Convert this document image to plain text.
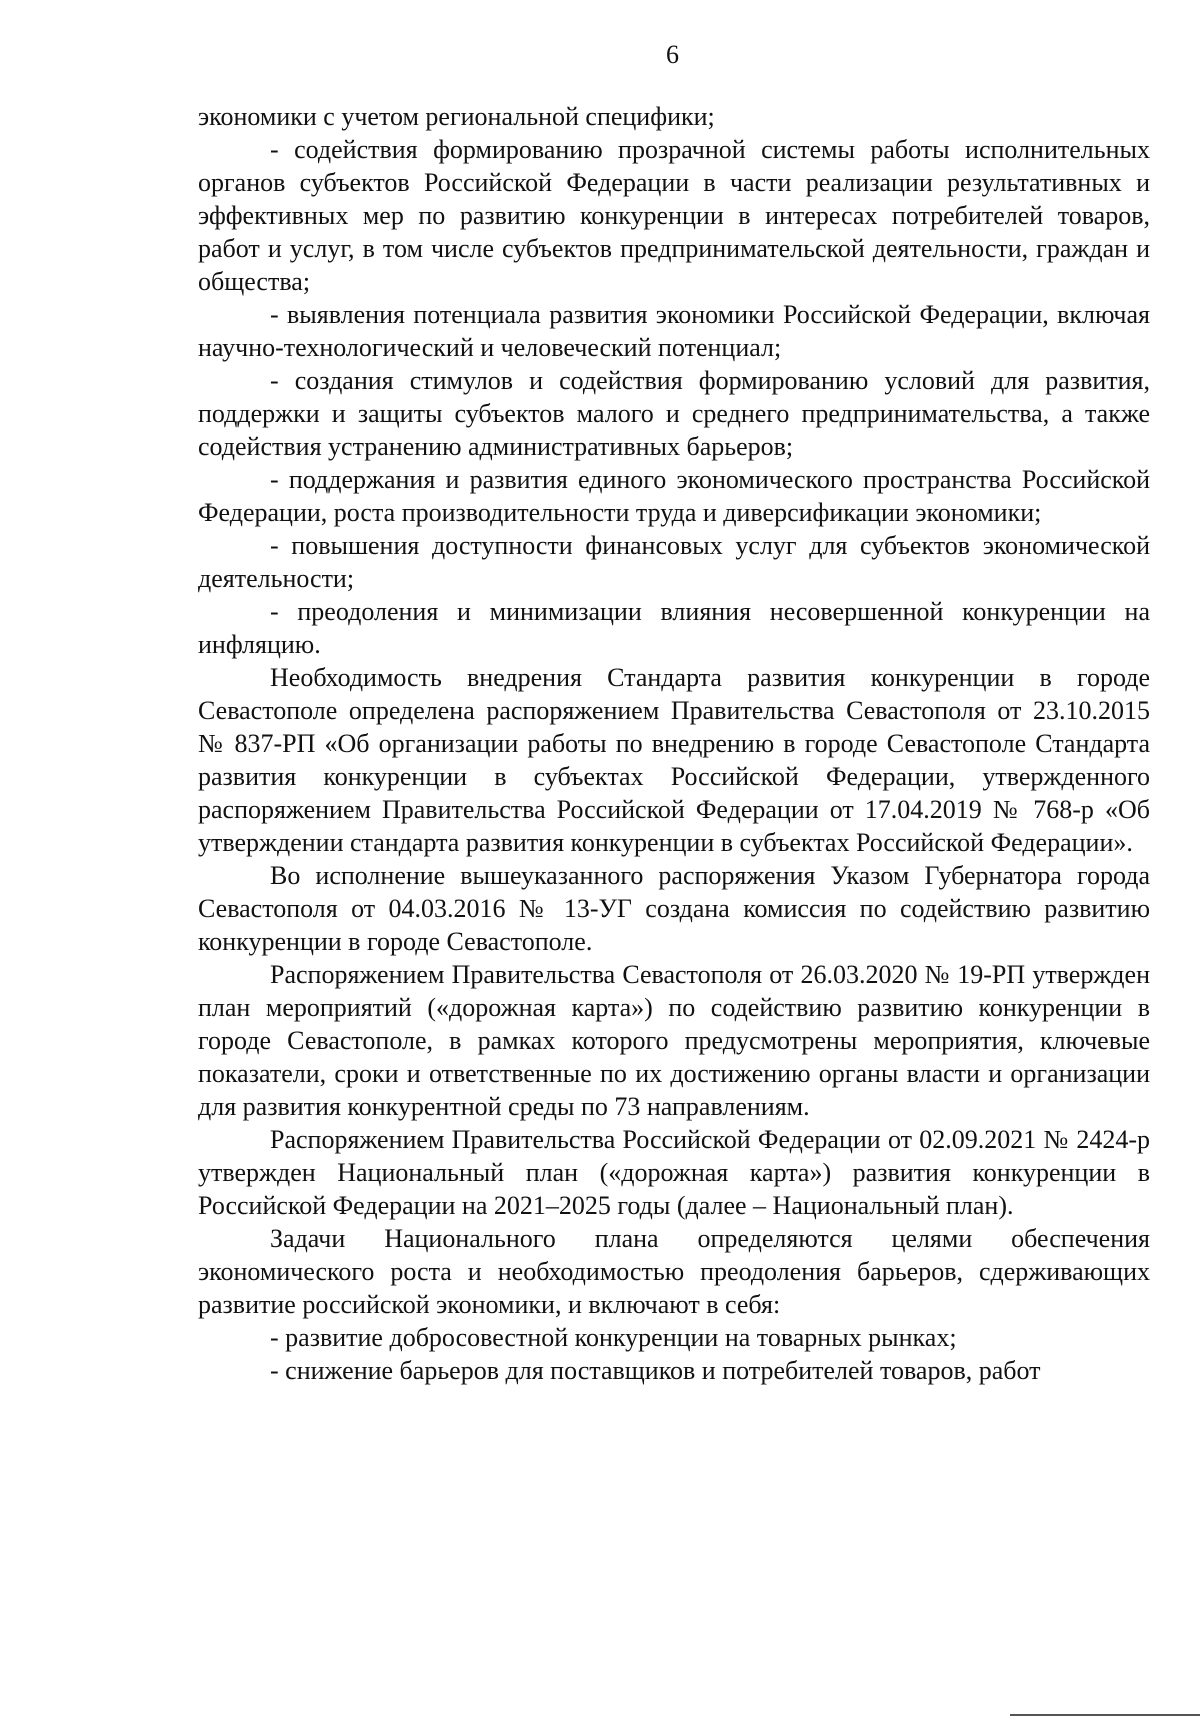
6

экономики с учетом региональной специфики;

- содействия формированию прозрачной системы работы исполнительных органов субъектов Российской Федерации в части реализации результативных и эффективных мер по развитию конкуренции в интересах потребителей товаров, работ и услуг, в том числе субъектов предпринимательской деятельности, граждан и общества;

- выявления потенциала развития экономики Российской Федерации, включая научно-технологический и человеческий потенциал;

- создания стимулов и содействия формированию условий для развития, поддержки и защиты субъектов малого и среднего предпринимательства, а также содействия устранению административных барьеров;

- поддержания и развития единого экономического пространства Российской Федерации, роста производительности труда и диверсификации экономики;

- повышения доступности финансовых услуг для субъектов экономической деятельности;

- преодоления и минимизации влияния несовершенной конкуренции на инфляцию.

Необходимость внедрения Стандарта развития конкуренции в городе Севастополе определена распоряжением Правительства Севастополя от 23.10.2015 № 837-РП «Об организации работы по внедрению в городе Севастополе Стандарта развития конкуренции в субъектах Российской Федерации, утвержденного распоряжением Правительства Российской Федерации от 17.04.2019 № 768-р «Об утверждении стандарта развития конкуренции в субъектах Российской Федерации».

Во исполнение вышеуказанного распоряжения Указом Губернатора города Севастополя от 04.03.2016 № 13-УГ создана комиссия по содействию развитию конкуренции в городе Севастополе.

Распоряжением Правительства Севастополя от 26.03.2020 № 19-РП утвержден план мероприятий («дорожная карта») по содействию развитию конкуренции в городе Севастополе, в рамках которого предусмотрены мероприятия, ключевые показатели, сроки и ответственные по их достижению органы власти и организации для развития конкурентной среды по 73 направлениям.

Распоряжением Правительства Российской Федерации от 02.09.2021 № 2424-р утвержден Национальный план («дорожная карта») развития конкуренции в Российской Федерации на 2021–2025 годы (далее – Национальный план).

Задачи Национального плана определяются целями обеспечения экономического роста и необходимостью преодоления барьеров, сдерживающих развитие российской экономики, и включают в себя:

- развитие добросовестной конкуренции на товарных рынках;

- снижение барьеров для поставщиков и потребителей товаров, работ
